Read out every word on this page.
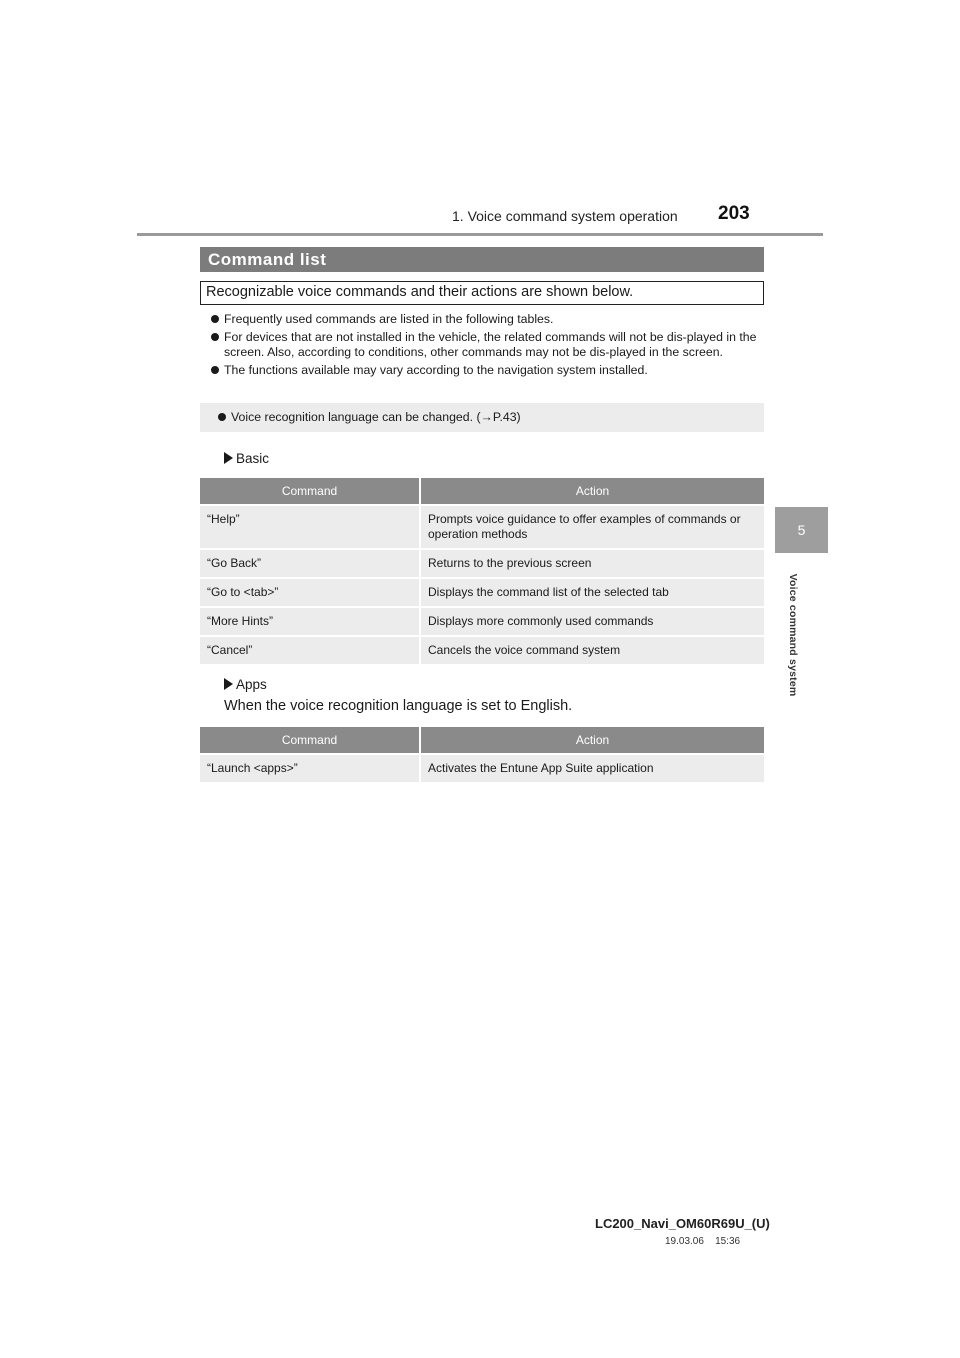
1. Voice command system operation 203
5
Voice command system
Command list
Recognizable voice commands and their actions are shown below.
Frequently used commands are listed in the following tables.
For devices that are not installed in the vehicle, the related commands will not be dis-played in the screen. Also, according to conditions, other commands may not be dis-played in the screen.
The functions available may vary according to the navigation system installed.
Voice recognition language can be changed. (→P.43)
Basic
Command	Action
“Help”	Prompts voice guidance to offer examples of commands or operation methods
“Go Back”	Returns to the previous screen
“Go to <tab>”	Displays the command list of the selected tab
“More Hints”	Displays more commonly used commands
“Cancel”	Cancels the voice command system
Apps
When the voice recognition language is set to English.
Command	Action
“Launch <apps>”	Activates the Entune App Suite application
LC200_Navi_OM60R69U_(U)
19.03.06 15:36
